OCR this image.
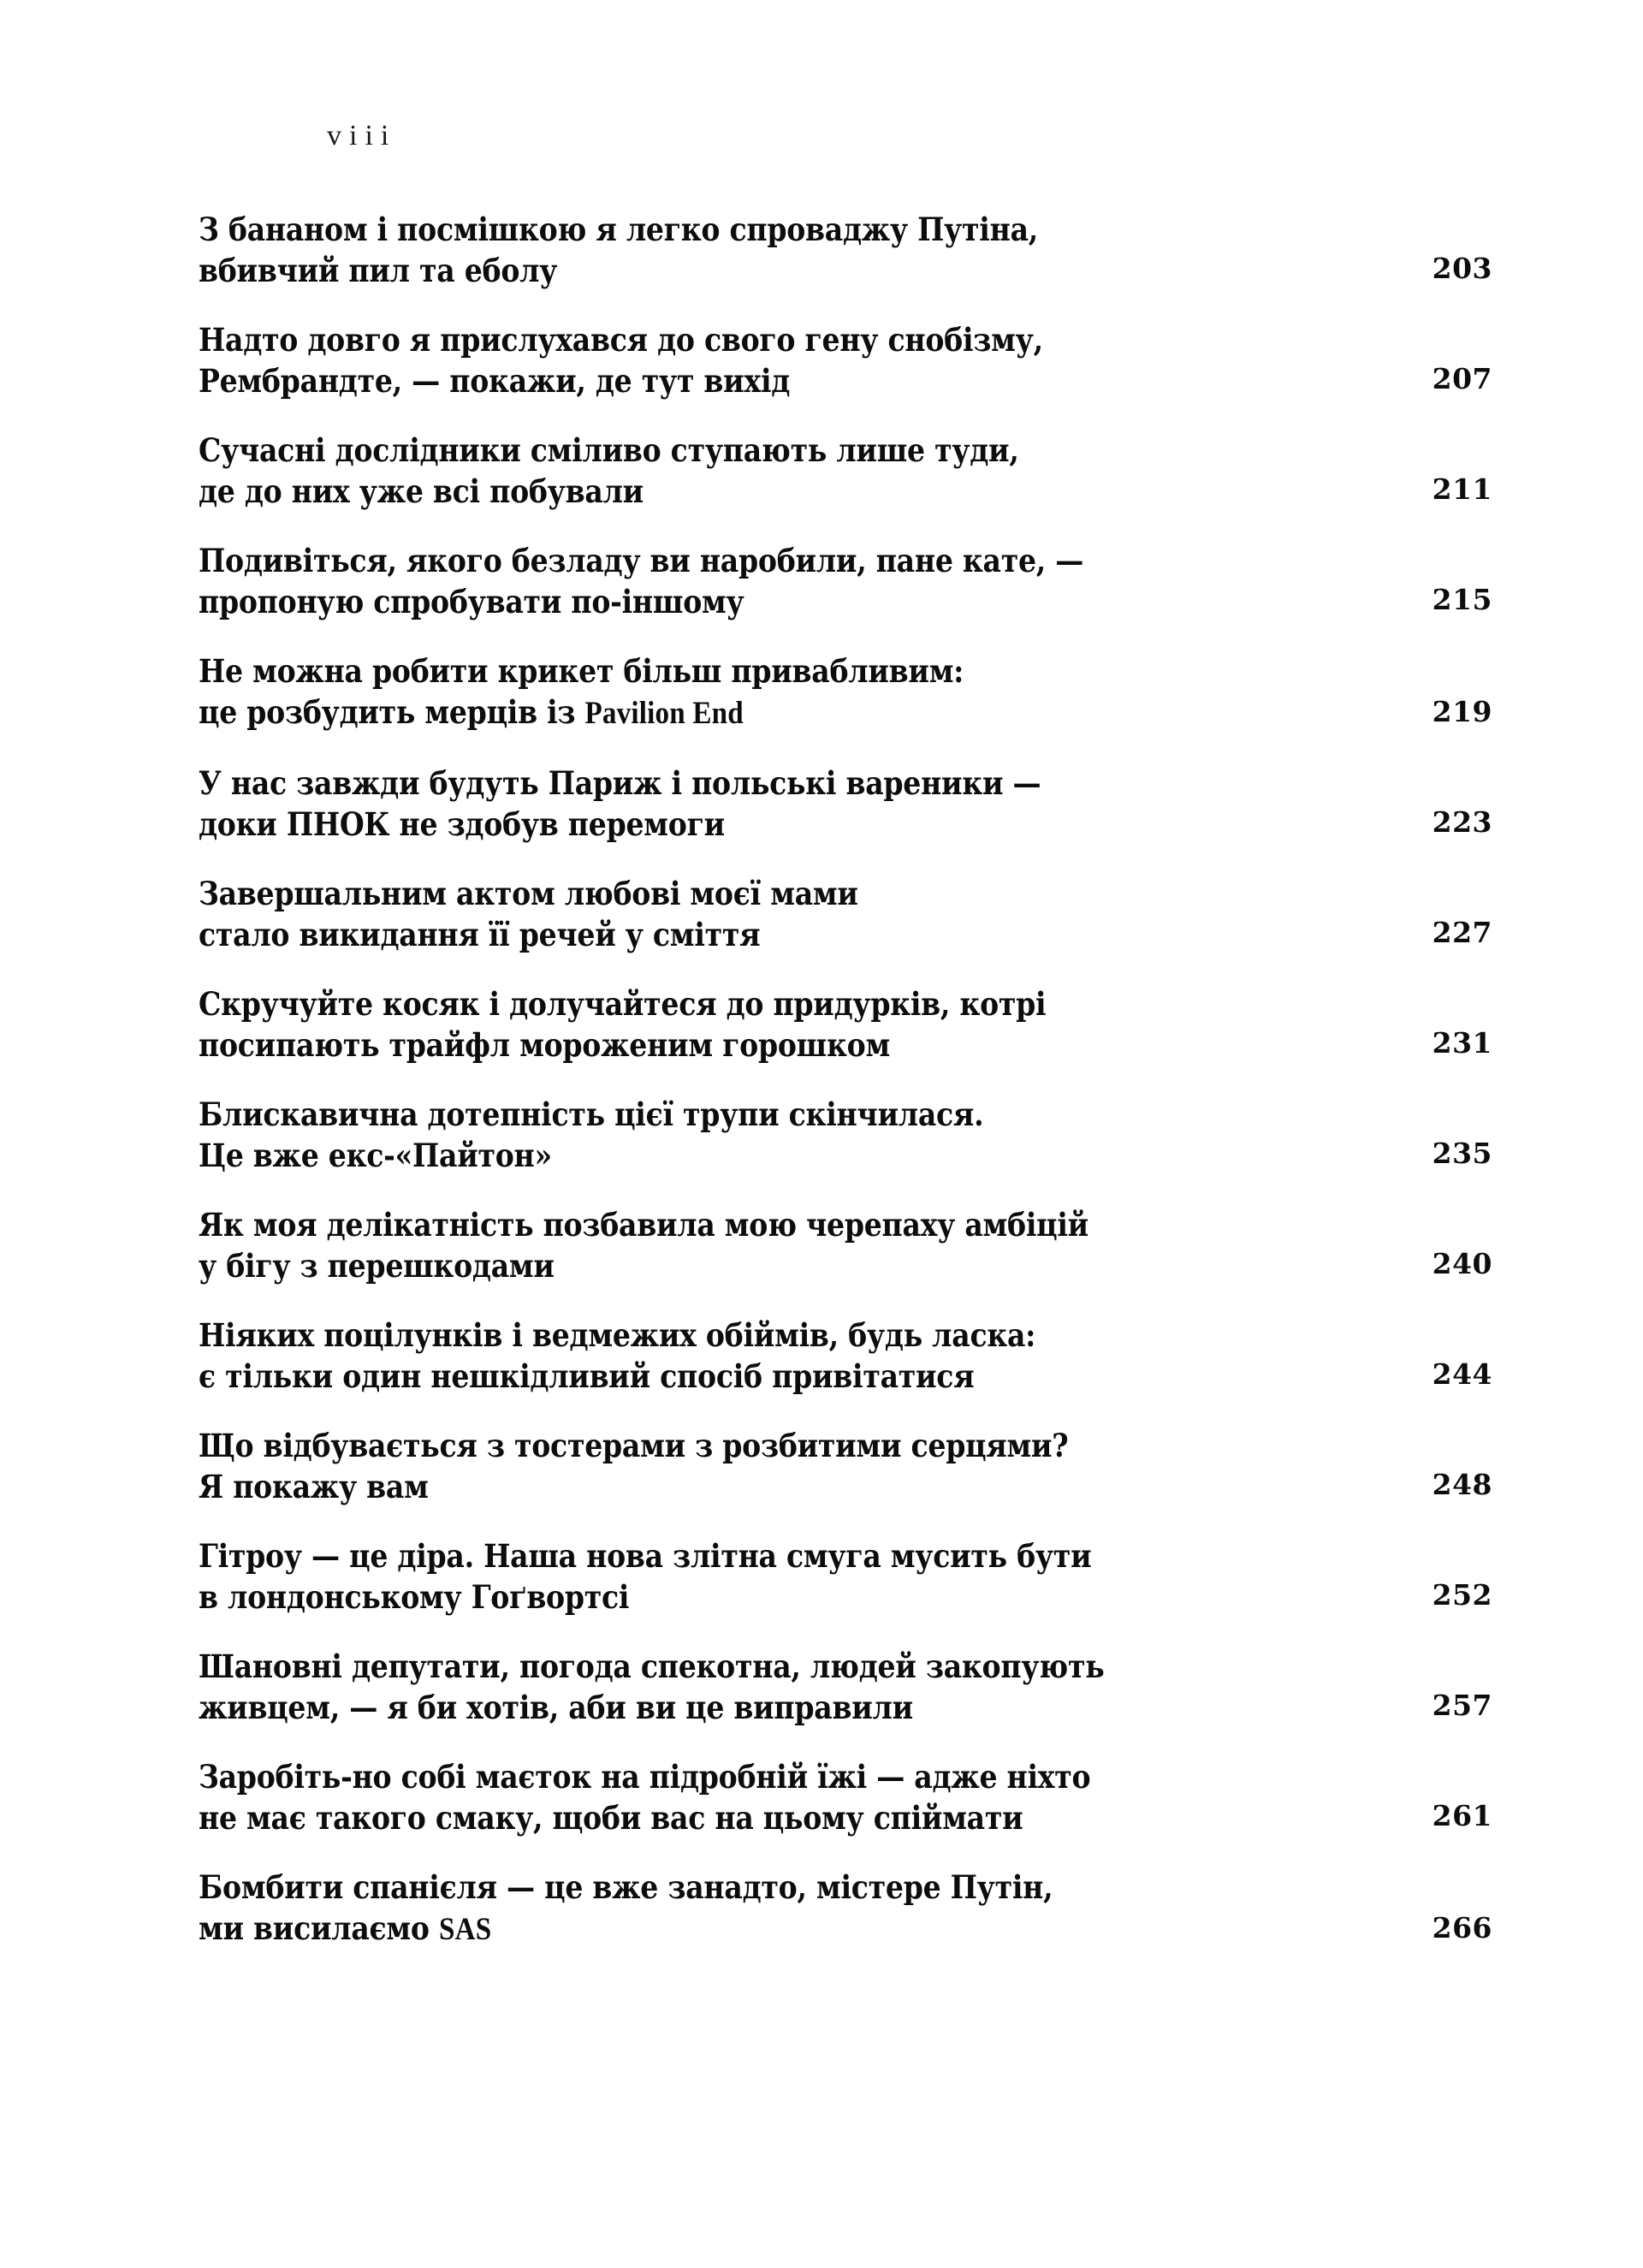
viii
З бананом і посмішкою я легко спроваджу Путіна,
вбивчий пил та еболу	203
Надто довго я прислухався до свого гену снобізму,
Рембрандте, — покажи, де тут вихід	207
Сучасні дослідники сміливо ступають лише туди,
де до них уже всі побували	211
Подивіться, якого безладу ви наробили, пане кате, —
пропоную спробувати по-іншому	215
Не можна робити крикет більш привабливим:
це розбудить мерців із Pavilion End	219
У нас завжди будуть Париж і польські вареники —
доки ПНОК не здобув перемоги	223
Завершальним актом любові моєї мами
стало викидання її речей у сміття	227
Скручуйте косяк і долучайтеся до придурків, котрі
посипають трайфл мороженим горошком	231
Блискавична дотепність цієї трупи скінчилася.
Це вже екс-«Пайтон»	235
Як моя делікатність позбавила мою черепаху амбіцій
у бігу з перешкодами	240
Ніяких поцілунків і ведмежих обіймів, будь ласка:
є тільки один нешкідливий спосіб привітатися	244
Що відбувається з тостерами з розбитими серцями?
Я покажу вам	248
Гітроу — це діра. Наша нова злітна смуга мусить бути
в лондонському Гоґвортсі	252
Шановні депутати, погода спекотна, людей закопують
живцем, — я би хотів, аби ви це виправили	257
Заробіть-но собі маєток на підробній їжі — адже ніхто
не має такого смаку, щоби вас на цьому спіймати	261
Бомбити спанієля — це вже занадто, містере Путін,
ми висилаємо SAS	266
